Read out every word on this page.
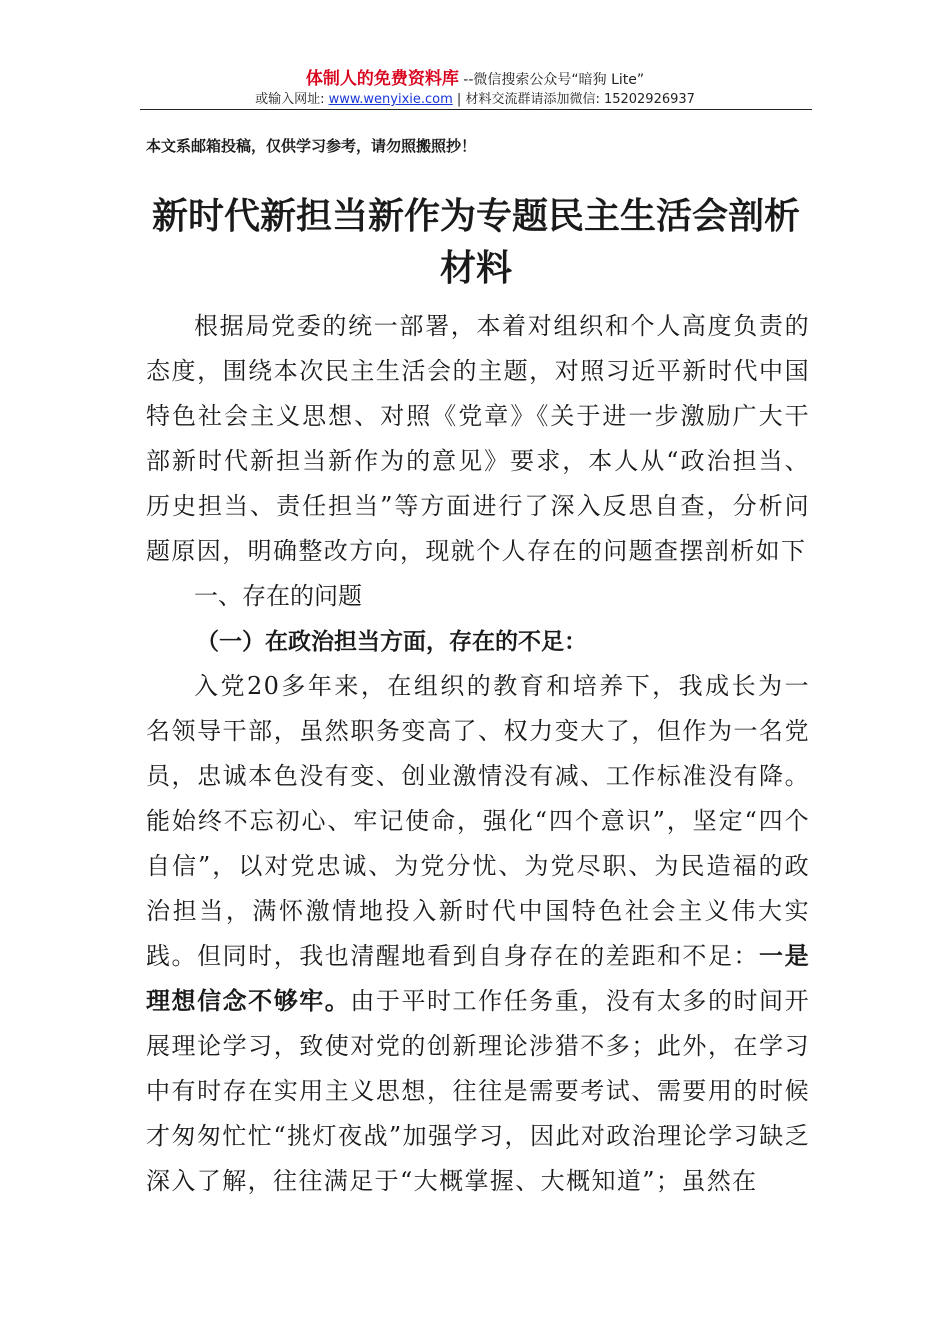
体制人的免费资料库 --微信搜索公众号“暗狗 Lite”
或输入网址: www.wenyixie.com | 材料交流群请添加微信: 15202926937
本文系邮箱投稿，仅供学习参考，请勿照搬照抄！
新时代新担当新作为专题民主生活会剖析材料

根据局党委的统一部署，本着对组织和个人高度负责的态度，围绕本次民主生活会的主题，对照习近平新时代中国特色社会主义思想、对照《党章》《关于进一步激励广大干部新时代新担当新作为的意见》要求，本人从“政治担当、历史担当、责任担当”等方面进行了深入反思自查，分析问题原因，明确整改方向，现就个人存在的问题查摆剖析如下

一、存在的问题

（一）在政治担当方面，存在的不足：

入党20多年来，在组织的教育和培养下，我成长为一名领导干部，虽然职务变高了、权力变大了，但作为一名党员，忠诚本色没有变、创业激情没有减、工作标准没有降。能始终不忘初心、牢记使命，强化“四个意识”，坚定“四个自信”，以对党忠诚、为党分忧、为党尽职、为民造福的政治担当，满怀激情地投入新时代中国特色社会主义伟大实践。但同时，我也清醒地看到自身存在的差距和不足：一是理想信念不够牢。由于平时工作任务重，没有太多的时间开展理论学习，致使对党的创新理论涉猎不多；此外，在学习中有时存在实用主义思想，往往是需要考试、需要用的时候才匆匆忙忙“挑灯夜战”加强学习，因此对政治理论学习缺乏深入了解，往往满足于“大概掌握、大概知道”；虽然在
